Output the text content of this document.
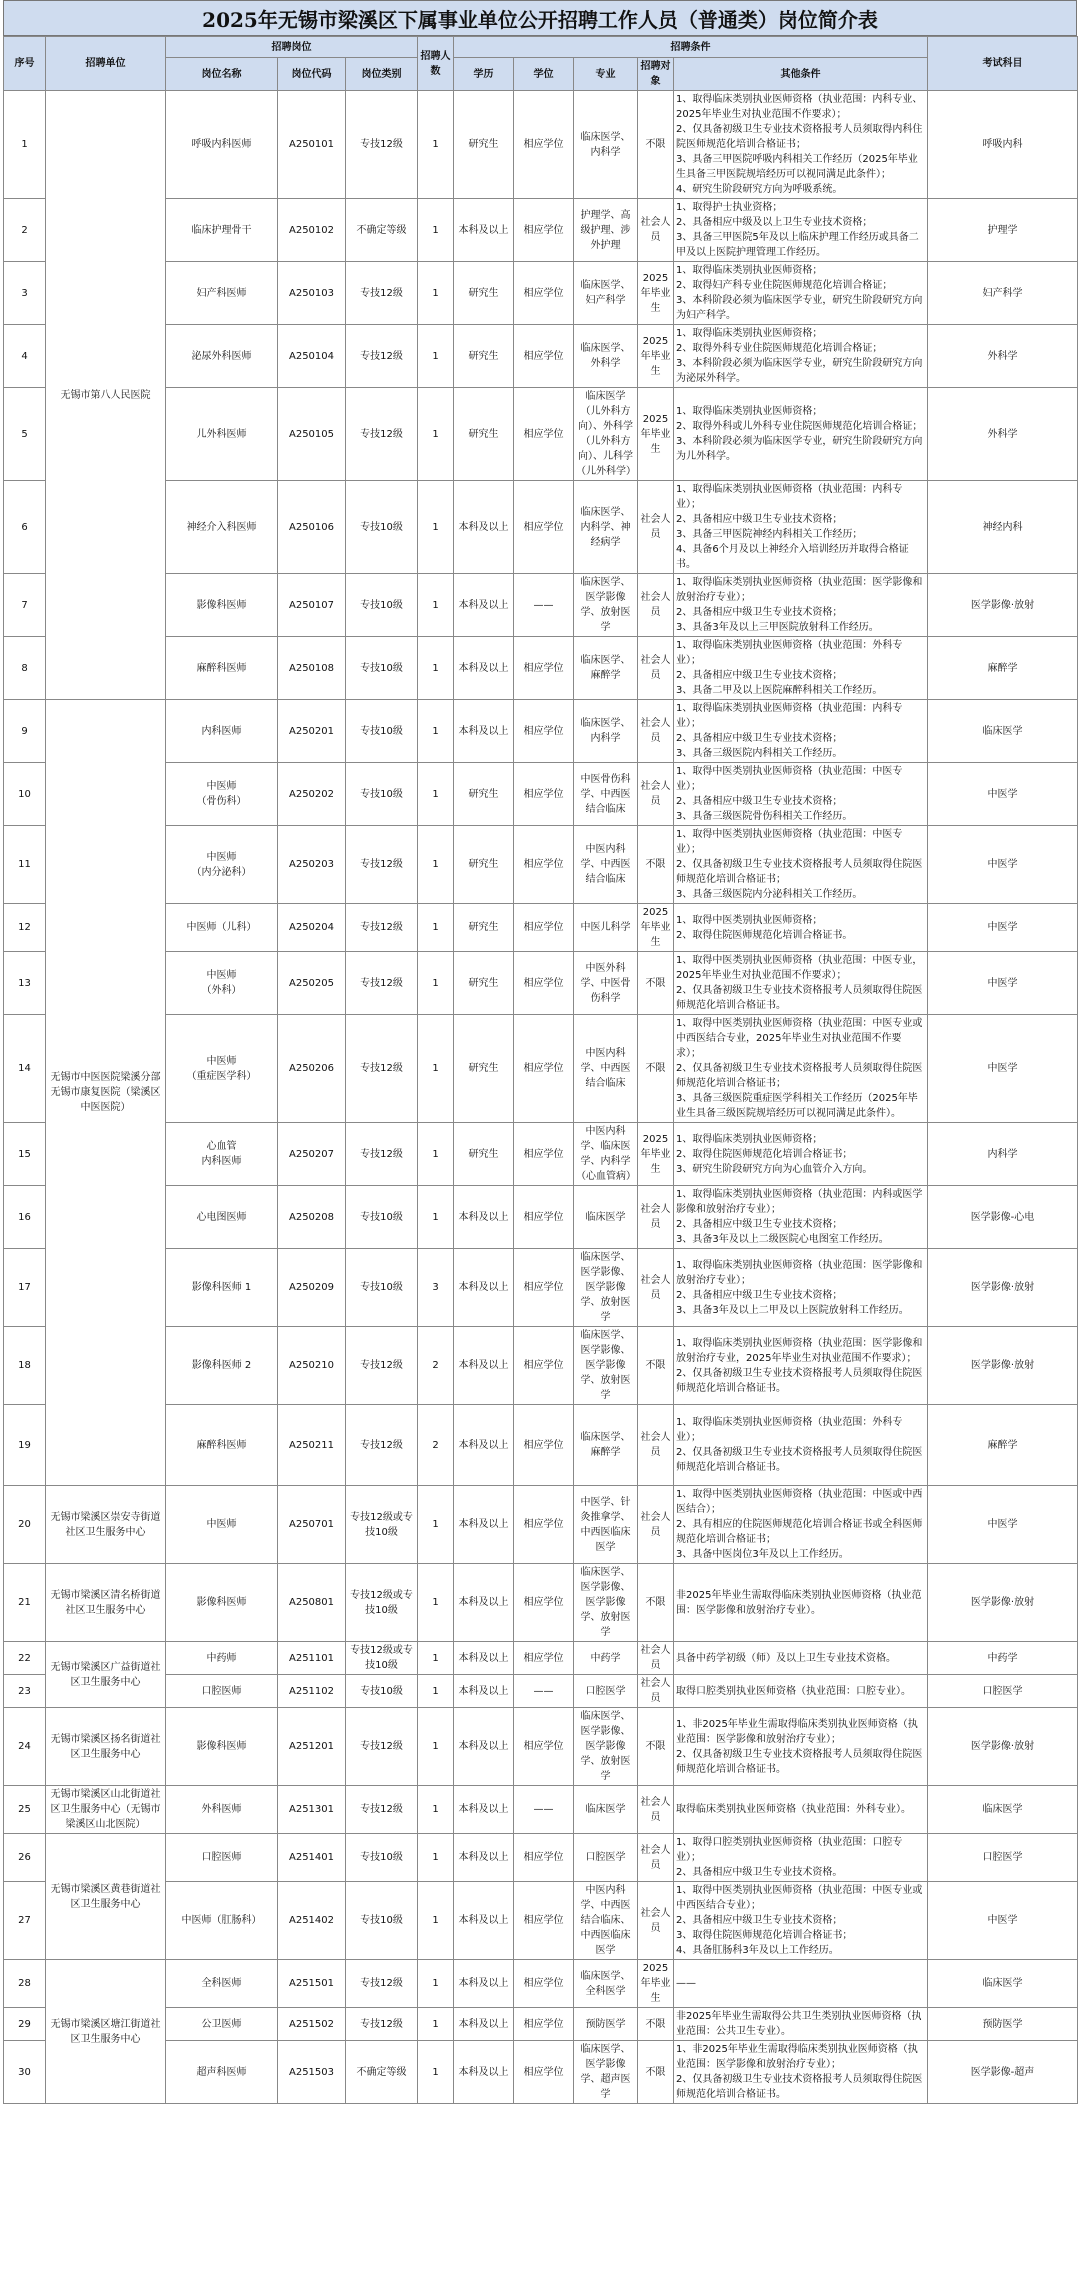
2025年无锡市梁溪区下属事业单位公开招聘工作人员（普通类）岗位简介表
序号	招聘单位	招聘岗位			招聘人数	招聘条件					考试科目
		岗位名称	岗位代码	岗位类别		学历	学位	专业	招聘对象	其他条件	
1	无锡市第八人民医院	呼吸内科医师	A250101	专技12级	1	研究生	相应学位	临床医学、内科学	不限	1、取得临床类别执业医师资格（执业范围：内科专业、2025年毕业生对执业范围不作要求）；
2、仅具备初级卫生专业技术资格报考人员须取得内科住院医师规范化培训合格证书；
3、具备三甲医院呼吸内科相关工作经历（2025年毕业生具备三甲医院规培经历可以视同满足此条件）；
4、研究生阶段研究方向为呼吸系统。	呼吸内科
2		临床护理骨干	A250102	不确定等级	1	本科及以上	相应学位	护理学、高级护理、涉外护理	社会人员	1、取得护士执业资格；
2、具备相应中级及以上卫生专业技术资格；
3、具备三甲医院5年及以上临床护理工作经历或具备二甲及以上医院护理管理工作经历。	护理学
3		妇产科医师	A250103	专技12级	1	研究生	相应学位	临床医学、妇产科学	2025年毕业生	1、取得临床类别执业医师资格；
2、取得妇产科专业住院医师规范化培训合格证；
3、本科阶段必须为临床医学专业，研究生阶段研究方向为妇产科学。	妇产科学
4		泌尿外科医师	A250104	专技12级	1	研究生	相应学位	临床医学、外科学	2025年毕业生	1、取得临床类别执业医师资格；
2、取得外科专业住院医师规范化培训合格证；
3、本科阶段必须为临床医学专业，研究生阶段研究方向为泌尿外科学。	外科学
5		儿外科医师	A250105	专技12级	1	研究生	相应学位	临床医学（儿外科方向）、外科学（儿外科方向）、儿科学（儿外科学）	2025年毕业生	1、取得临床类别执业医师资格；
2、取得外科或儿外科专业住院医师规范化培训合格证；　　3、本科阶段必须为临床医学专业，研究生阶段研究方向为儿外科学。	外科学
6		神经介入科医师	A250106	专技10级	1	本科及以上	相应学位	临床医学、内科学、神经病学	社会人员	1、取得临床类别执业医师资格（执业范围：内科专业）；
2、具备相应中级卫生专业技术资格；
3、具备三甲医院神经内科相关工作经历；
4、具备6个月及以上神经介入培训经历并取得合格证书。	神经内科
7		影像科医师	A250107	专技10级	1	本科及以上	——	临床医学、医学影像学、放射医学	社会人员	1、取得临床类别执业医师资格（执业范围：医学影像和放射治疗专业）；
2、具备相应中级卫生专业技术资格；
3、具备3年及以上三甲医院放射科工作经历。	医学影像·放射
8		麻醉科医师	A250108	专技10级	1	本科及以上	相应学位	临床医学、麻醉学	社会人员	1、取得临床类别执业医师资格（执业范围：外科专业）；
2、具备相应中级卫生专业技术资格；
3、具备二甲及以上医院麻醉科相关工作经历。	麻醉学
9	无锡市中医医院梁溪分部 无锡市康复医院（梁溪区中医医院）	内科医师	A250201	专技10级	1	本科及以上	相应学位	临床医学、内科学	社会人员	1、取得临床类别执业医师资格（执业范围：内科专业）；
2、具备相应中级卫生专业技术资格；
3、具备三级医院内科相关工作经历。	临床医学
10		中医师
（骨伤科）	A250202	专技10级	1	研究生	相应学位	中医骨伤科学、中西医结合临床	社会人员	1、取得中医类别执业医师资格（执业范围：中医专业）；
2、具备相应中级卫生专业技术资格；
3、具备三级医院骨伤科相关工作经历。	中医学
11		中医师
（内分泌科）	A250203	专技12级	1	研究生	相应学位	中医内科学、中西医结合临床	不限	1、取得中医类别执业医师资格（执业范围：中医专业）；
2、仅具备初级卫生专业技术资格报考人员须取得住院医师规范化培训合格证书；
3、具备三级医院内分泌科相关工作经历。	中医学
12		中医师（儿科）	A250204	专技12级	1	研究生	相应学位	中医儿科学	2025年毕业生	1、取得中医类别执业医师资格；
2、取得住院医师规范化培训合格证书。	中医学
13		中医师
（外科）	A250205	专技12级	1	研究生	相应学位	中医外科学、中医骨伤科学	不限	1、取得中医类别执业医师资格（执业范围：中医专业，2025年毕业生对执业范围不作要求）；
2、仅具备初级卫生专业技术资格报考人员须取得住院医师规范化培训合格证书。	中医学
14		中医师
（重症医学科）	A250206	专技12级	1	研究生	相应学位	中医内科学、中西医结合临床	不限	1、取得中医类别执业医师资格（执业范围：中医专业或中西医结合专业，2025年毕业生对执业范围不作要求）；
2、仅具备初级卫生专业技术资格报考人员须取得住院医师规范化培训合格证书；
3、具备三级医院重症医学科相关工作经历（2025年毕业生具备三级医院规培经历可以视同满足此条件）。	中医学
15		心血管
内科医师	A250207	专技12级	1	研究生	相应学位	中医内科学、临床医学、内科学（心血管病）	2025年毕业生	1、取得临床类别执业医师资格；
2、取得住院医师规范化培训合格证书；
3、研究生阶段研究方向为心血管介入方向。	内科学
16		心电图医师	A250208	专技10级	1	本科及以上	相应学位	临床医学	社会人员	1、取得临床类别执业医师资格（执业范围：内科或医学影像和放射治疗专业）；
2、具备相应中级卫生专业技术资格；
3、具备3年及以上二级医院心电图室工作经历。	医学影像-心电
17		影像科医师 1	A250209	专技10级	3	本科及以上	相应学位	临床医学、医学影像、医学影像学、放射医学	社会人员	1、取得临床类别执业医师资格（执业范围：医学影像和放射治疗专业）；
2、具备相应中级卫生专业技术资格；
3、具备3年及以上二甲及以上医院放射科工作经历。	医学影像·放射
18		影像科医师 2	A250210	专技12级	2	本科及以上	相应学位	临床医学、医学影像、医学影像学、放射医学	不限	1、取得临床类别执业医师资格（执业范围：医学影像和放射治疗专业，2025年毕业生对执业范围不作要求）；
2、仅具备初级卫生专业技术资格报考人员须取得住院医师规范化培训合格证书。	医学影像·放射
19		麻醉科医师	A250211	专技12级	2	本科及以上	相应学位	临床医学、麻醉学	社会人员	1、取得临床类别执业医师资格（执业范围：外科专业）；
2、仅具备初级卫生专业技术资格报考人员须取得住院医师规范化培训合格证书。	麻醉学
20	无锡市梁溪区崇安寺街道社区卫生服务中心	中医师	A250701	专技12级或专技10级	1	本科及以上	相应学位	中医学、针灸推拿学、中西医临床医学	社会人员	1、取得中医类别执业医师资格（执业范围：中医或中西医结合）；
2、具有相应的住院医师规范化培训合格证书或全科医师规范化培训合格证书；
3、具备中医岗位3年及以上工作经历。	中医学
21	无锡市梁溪区清名桥街道社区卫生服务中心	影像科医师	A250801	专技12级或专技10级	1	本科及以上	相应学位	临床医学、医学影像、医学影像学、放射医学	不限	非2025年毕业生需取得临床类别执业医师资格（执业范围：医学影像和放射治疗专业）。	医学影像·放射
22	无锡市梁溪区广益街道社区卫生服务中心	中药师	A251101	专技12级或专技10级	1	本科及以上	相应学位	中药学	社会人员	具备中药学初级（师）及以上卫生专业技术资格。	中药学
23		口腔医师	A251102	专技10级	1	本科及以上	——	口腔医学	社会人员	取得口腔类别执业医师资格（执业范围：口腔专业）。	口腔医学
24	无锡市梁溪区扬名街道社区卫生服务中心	影像科医师	A251201	专技12级	1	本科及以上	相应学位	临床医学、医学影像、医学影像学、放射医学	不限	1、非2025年毕业生需取得临床类别执业医师资格（执业范围：医学影像和放射治疗专业）；
2、仅具备初级卫生专业技术资格报考人员须取得住院医师规范化培训合格证书。	医学影像·放射
25	无锡市梁溪区山北街道社区卫生服务中心（无锡市梁溪区山北医院）	外科医师	A251301	专技12级	1	本科及以上	——	临床医学	社会人员	取得临床类别执业医师资格（执业范围：外科专业）。	临床医学
26	无锡市梁溪区黄巷街道社区卫生服务中心	口腔医师	A251401	专技10级	1	本科及以上	相应学位	口腔医学	社会人员	1、取得口腔类别执业医师资格（执业范围：口腔专业）；
2、具备相应中级卫生专业技术资格。	口腔医学
27		中医师（肛肠科）	A251402	专技10级	1	本科及以上	相应学位	中医内科学、中西医结合临床、中西医临床医学	社会人员	1、取得中医类别执业医师资格（执业范围：中医专业或中西医结合专业）；
2、具备相应中级卫生专业技术资格；
3、取得住院医师规范化培训合格证书；
4、具备肛肠科3年及以上工作经历。	中医学
28	无锡市梁溪区塘江街道社区卫生服务中心	全科医师	A251501	专技12级	1	本科及以上	相应学位	临床医学、全科医学	2025年毕业生	——	临床医学
29		公卫医师	A251502	专技12级	1	本科及以上	相应学位	预防医学	不限	非2025年毕业生需取得公共卫生类别执业医师资格（执业范围：公共卫生专业）。	预防医学
30		超声科医师	A251503	不确定等级	1	本科及以上	相应学位	临床医学、医学影像学、超声医学	不限	1、非2025年毕业生需取得临床类别执业医师资格（执业范围：医学影像和放射治疗专业）；
2、仅具备初级卫生专业技术资格报考人员须取得住院医师规范化培训合格证书。	医学影像-超声
